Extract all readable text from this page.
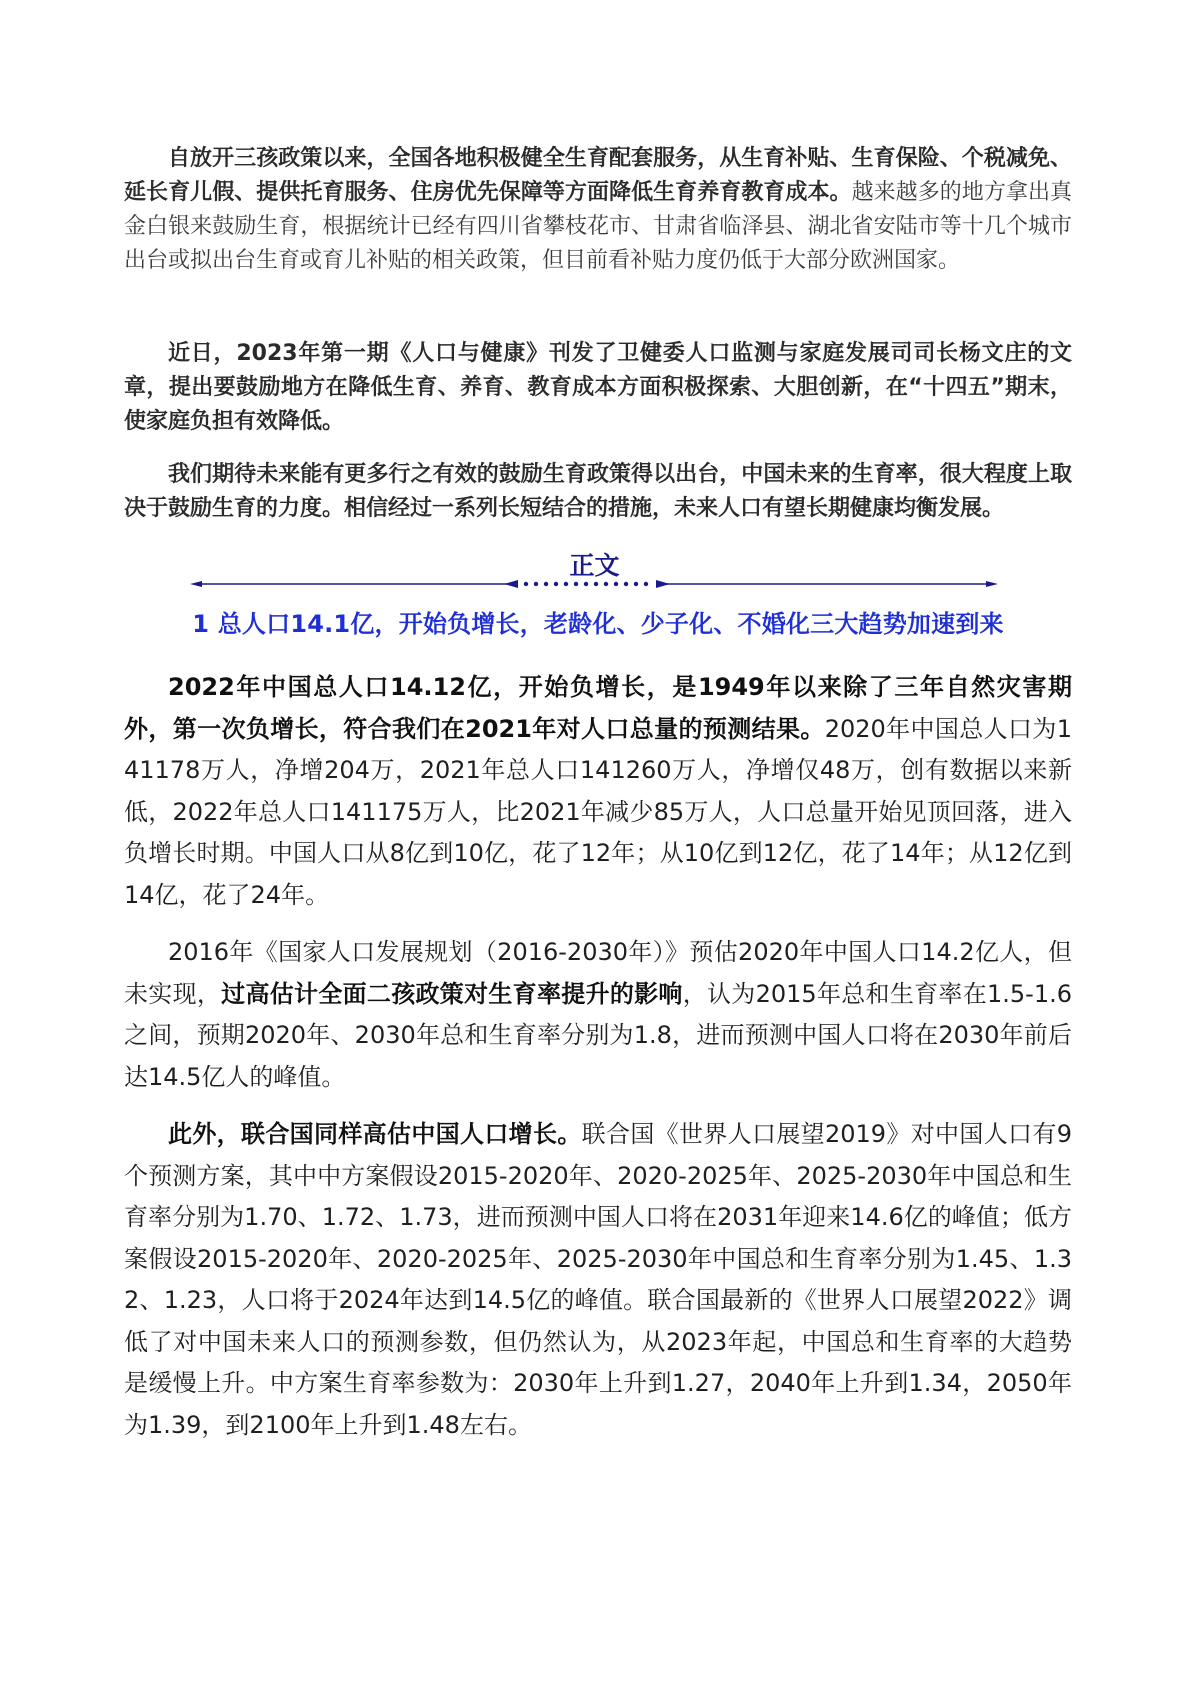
自放开三孩政策以来，全国各地积极健全生育配套服务，从生育补贴、生育保险、个税减免、延长育儿假、提供托育服务、住房优先保障等方面降低生育养育教育成本。越来越多的地方拿出真金白银来鼓励生育，根据统计已经有四川省攀枝花市、甘肃省临泽县、湖北省安陆市等十几个城市出台或拟出台生育或育儿补贴的相关政策，但目前看补贴力度仍低于大部分欧洲国家。

近日，2023年第一期《人口与健康》刊发了卫健委人口监测与家庭发展司司长杨文庄的文章，提出要鼓励地方在降低生育、养育、教育成本方面积极探索、大胆创新，在“十四五”期末，使家庭负担有效降低。

我们期待未来能有更多行之有效的鼓励生育政策得以出台，中国未来的生育率，很大程度上取决于鼓励生育的力度。相信经过一系列长短结合的措施，未来人口有望长期健康均衡发展。

正文
1 总人口14.1亿，开始负增长，老龄化、少子化、不婚化三大趋势加速到来

2022年中国总人口14.12亿，开始负增长，是1949年以来除了三年自然灾害期外，第一次负增长，符合我们在2021年对人口总量的预测结果。2020年中国总人口为141178万人，净增204万，2021年总人口141260万人，净增仅48万，创有数据以来新低，2022年总人口141175万人，比2021年减少85万人，人口总量开始见顶回落，进入负增长时期。中国人口从8亿到10亿，花了12年；从10亿到12亿，花了14年；从12亿到14亿，花了24年。

2016年《国家人口发展规划（2016-2030年）》预估2020年中国人口14.2亿人，但未实现，过高估计全面二孩政策对生育率提升的影响，认为2015年总和生育率在1.5-1.6之间，预期2020年、2030年总和生育率分别为1.8，进而预测中国人口将在2030年前后达14.5亿人的峰值。

此外，联合国同样高估中国人口增长。联合国《世界人口展望2019》对中国人口有9个预测方案，其中中方案假设2015-2020年、2020-2025年、2025-2030年中国总和生育率分别为1.70、1.72、1.73，进而预测中国人口将在2031年迎来14.6亿的峰值；低方案假设2015-2020年、2020-2025年、2025-2030年中国总和生育率分别为1.45、1.32、1.23，人口将于2024年达到14.5亿的峰值。联合国最新的《世界人口展望2022》调低了对中国未来人口的预测参数，但仍然认为，从2023年起，中国总和生育率的大趋势是缓慢上升。中方案生育率参数为：2030年上升到1.27，2040年上升到1.34，2050年为1.39，到2100年上升到1.48左右。
